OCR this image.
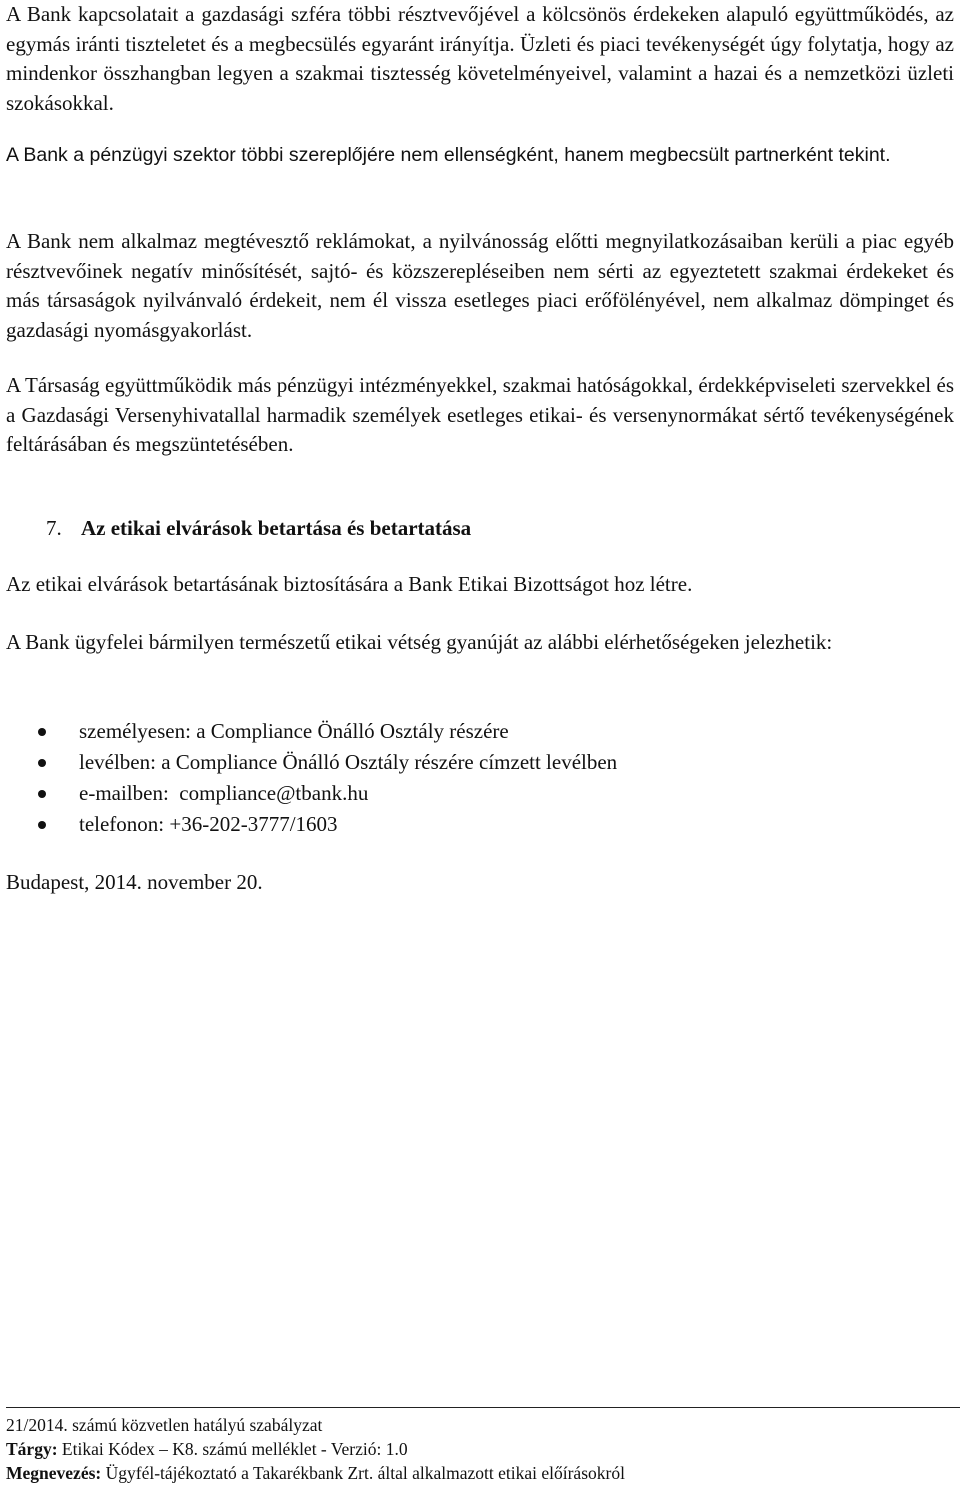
A Bank kapcsolatait a gazdasági szféra többi résztvevőjével a kölcsönös érdekeken alapuló együttműködés, az egymás iránti tiszteletet és a megbecsülés egyaránt irányítja. Üzleti és piaci tevékenységét úgy folytatja, hogy az mindenkor összhangban legyen a szakmai tisztesség követelményeivel, valamint a hazai és a nemzetközi üzleti szokásokkal.

A Bank a pénzügyi szektor többi szereplőjére nem ellenségként, hanem megbecsült partnerként tekint.

A Bank nem alkalmaz megtévesztő reklámokat, a nyilvánosság előtti megnyilatkozásaiban kerüli a piac egyéb résztvevőinek negatív minősítését, sajtó- és közszerepléseiben nem sérti az egyeztetett szakmai érdekeket és más társaságok nyilvánvaló érdekeit, nem él vissza esetleges piaci erőfölényével, nem alkalmaz dömpinget és gazdasági nyomásgyakorlást.

A Társaság együttműködik más pénzügyi intézményekkel, szakmai hatóságokkal, érdekképviseleti szervekkel és a Gazdasági Versenyhivatallal harmadik személyek esetleges etikai- és versenynormákat sértő tevékenységének feltárásában és megszüntetésében.

7. Az etikai elvárások betartása és betartatása

Az etikai elvárások betartásának biztosítására a Bank Etikai Bizottságot hoz létre.

A Bank ügyfelei bármilyen természetű etikai vétség gyanúját az alábbi elérhetőségeken jelezhetik:

személyesen: a Compliance Önálló Osztály részére
levélben: a Compliance Önálló Osztály részére címzett levélben
e-mailben:  compliance@tbank.hu
telefonon: +36-202-3777/1603

Budapest, 2014. november 20.

21/2014. számú közvetlen hatályú szabályzat
Tárgy: Etikai Kódex – K8. számú melléklet - Verzió: 1.0
Megnevezés: Ügyfél-tájékoztató a Takarékbank Zrt. által alkalmazott etikai előírásokról
